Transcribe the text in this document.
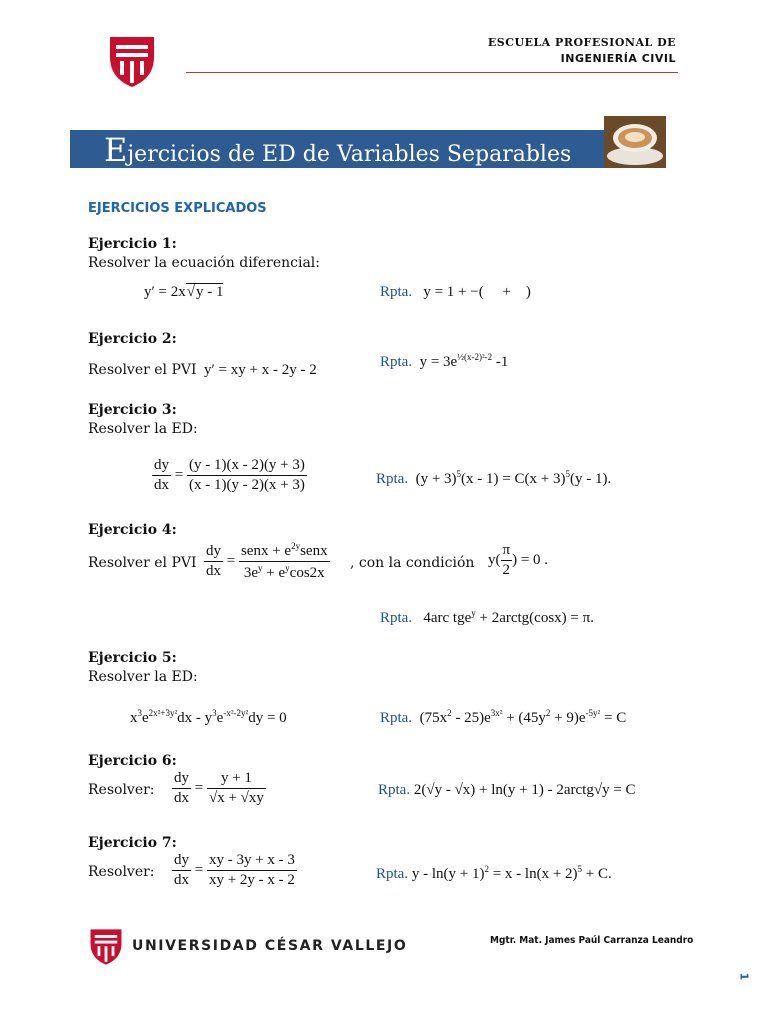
ESCUELA PROFESIONAL DE
INGENIERÍA CIVIL
Ejercicios de ED de Variables Separables
EJERCICIOS EXPLICADOS
Ejercicio 1:
Resolver la ecuación diferencial:
y′ = 2x√y - 1	Rpta.   y = 1 + −(     +    )
Ejercicio 2:
Resolver el PVI y′ = xy + x - 2y - 2	Rpta.  $y = 3e^{\frac{1}{2}(x-2)^2-2}$ -1
Ejercicio 3:
Resolver la ED:
$\frac{dy}{dx} = \frac{(y - 1)(x - 2)(y + 3)}{(x - 1)(y - 2)(x + 3)}$	Rpta.  $(y + 3)^5(x - 1) = C(x + 3)^5(y - 1)$.
Ejercicio 4:
Resolver el PVI $\frac{dy}{dx} = \frac{senx + e^{2y}senx}{3e^y + e^y\cos 2x}$ , con la condición $y( \frac{\pi}{2}$ ) = 0 .
Rpta.   4arc tge$^y$ + 2arctg(cosx) = π.
Ejercicio 5:
Resolver la ED:
$x^3e^{2x^2+3y^2}dx - y^3e^{-x^2-2y^2}dy = 0$	Rpta.  $(75x^2 - 25)e^{3x^2} + (45y^2 + 9)e^{-5y^2} = C$
Ejercicio 6:
Resolver: $\frac{dy}{dx} = \frac{y + 1}{√x + √xy}$	Rpta. 2(√y - √x) + ln(y + 1) - 2arctg√y = C
Ejercicio 7:
Resolver: $\frac{dy}{dx} = \frac{xy - 3y + x - 3}{xy + 2y - x - 2}$	Rpta. $y - \ln(y + 1)^2 = x - \ln(x + 2)^5 + C$.
UNIVERSIDAD CÉSAR VALLEJO	Mgtr. Mat. James Paúl Carranza Leandro
1
